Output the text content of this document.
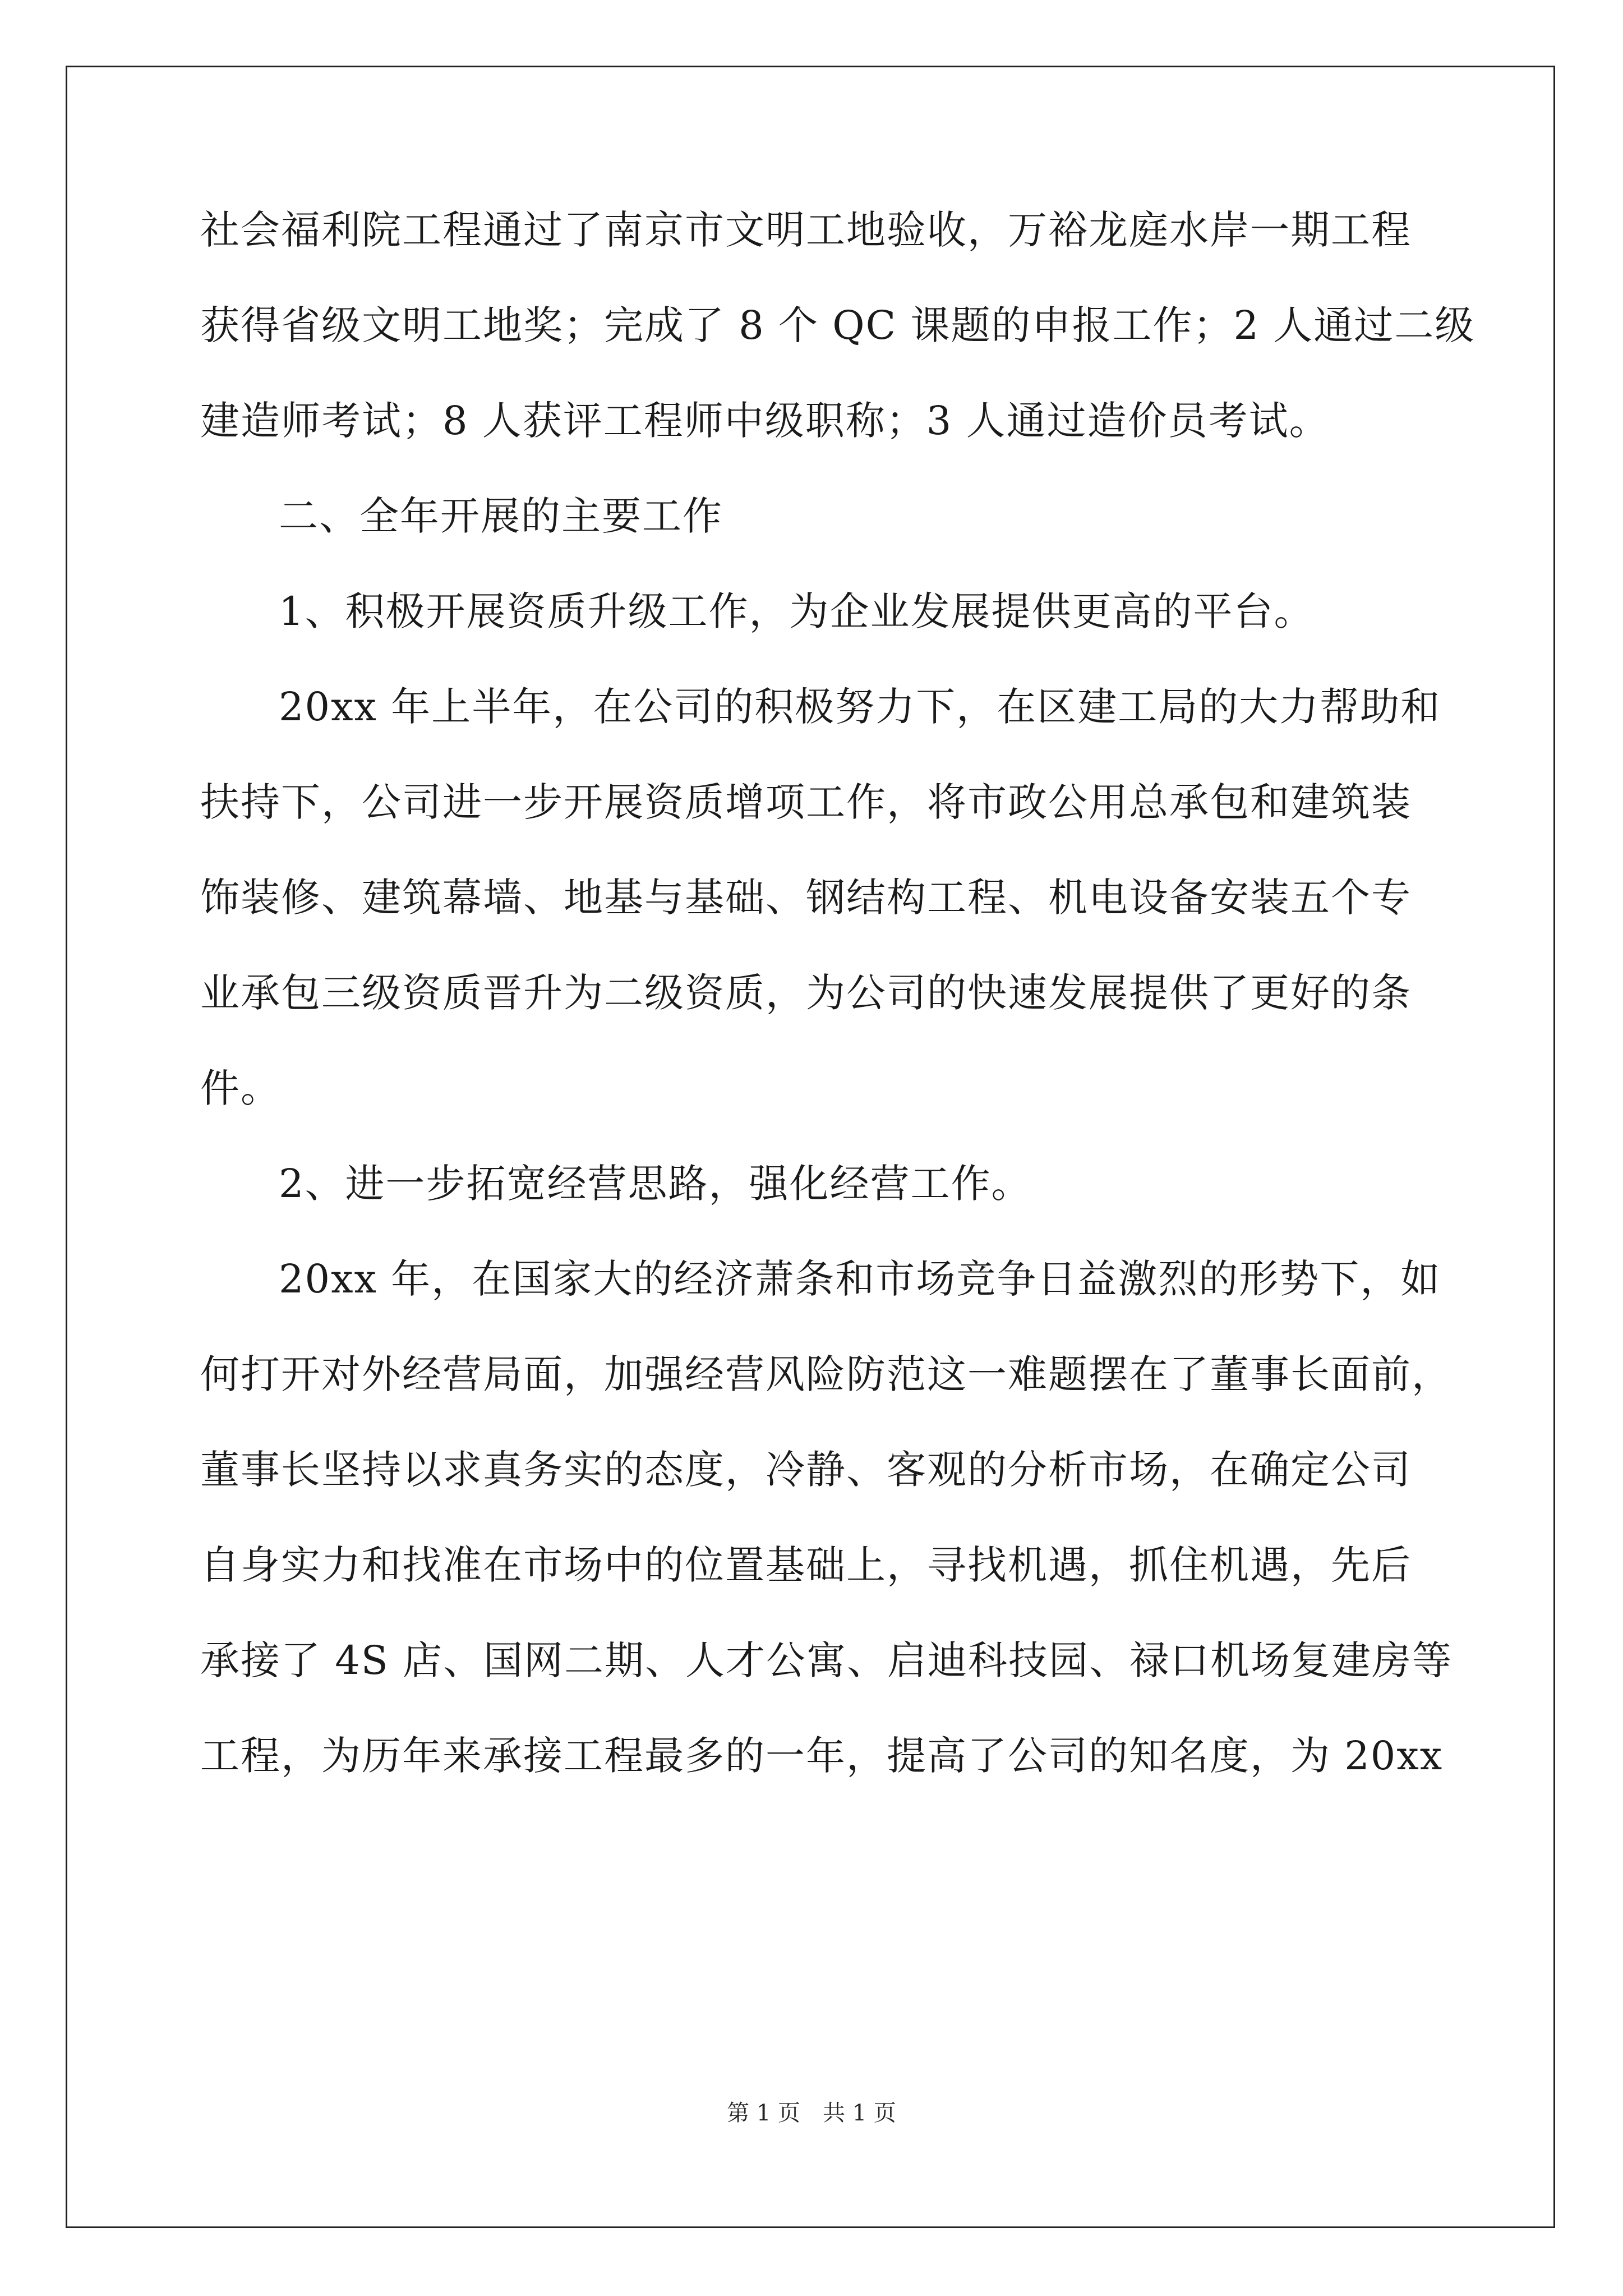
社会福利院工程通过了南京市文明工地验收，万裕龙庭水岸一期工程
获得省级文明工地奖；完成了 8 个 QC 课题的申报工作；2 人通过二级
建造师考试；8 人获评工程师中级职称；3 人通过造价员考试。
二、全年开展的主要工作
1、积极开展资质升级工作，为企业发展提供更高的平台。
20xx 年上半年，在公司的积极努力下，在区建工局的大力帮助和
扶持下，公司进一步开展资质增项工作，将市政公用总承包和建筑装
饰装修、建筑幕墙、地基与基础、钢结构工程、机电设备安装五个专
业承包三级资质晋升为二级资质，为公司的快速发展提供了更好的条
件。
2、进一步拓宽经营思路，强化经营工作。
20xx 年，在国家大的经济萧条和市场竞争日益激烈的形势下，如
何打开对外经营局面，加强经营风险防范这一难题摆在了董事长面前，
董事长坚持以求真务实的态度，冷静、客观的分析市场，在确定公司
自身实力和找准在市场中的位置基础上，寻找机遇，抓住机遇，先后
承接了 4S 店、国网二期、人才公寓、启迪科技园、禄口机场复建房等
工程，为历年来承接工程最多的一年，提高了公司的知名度，为 20xx
第 1 页　共 1 页
